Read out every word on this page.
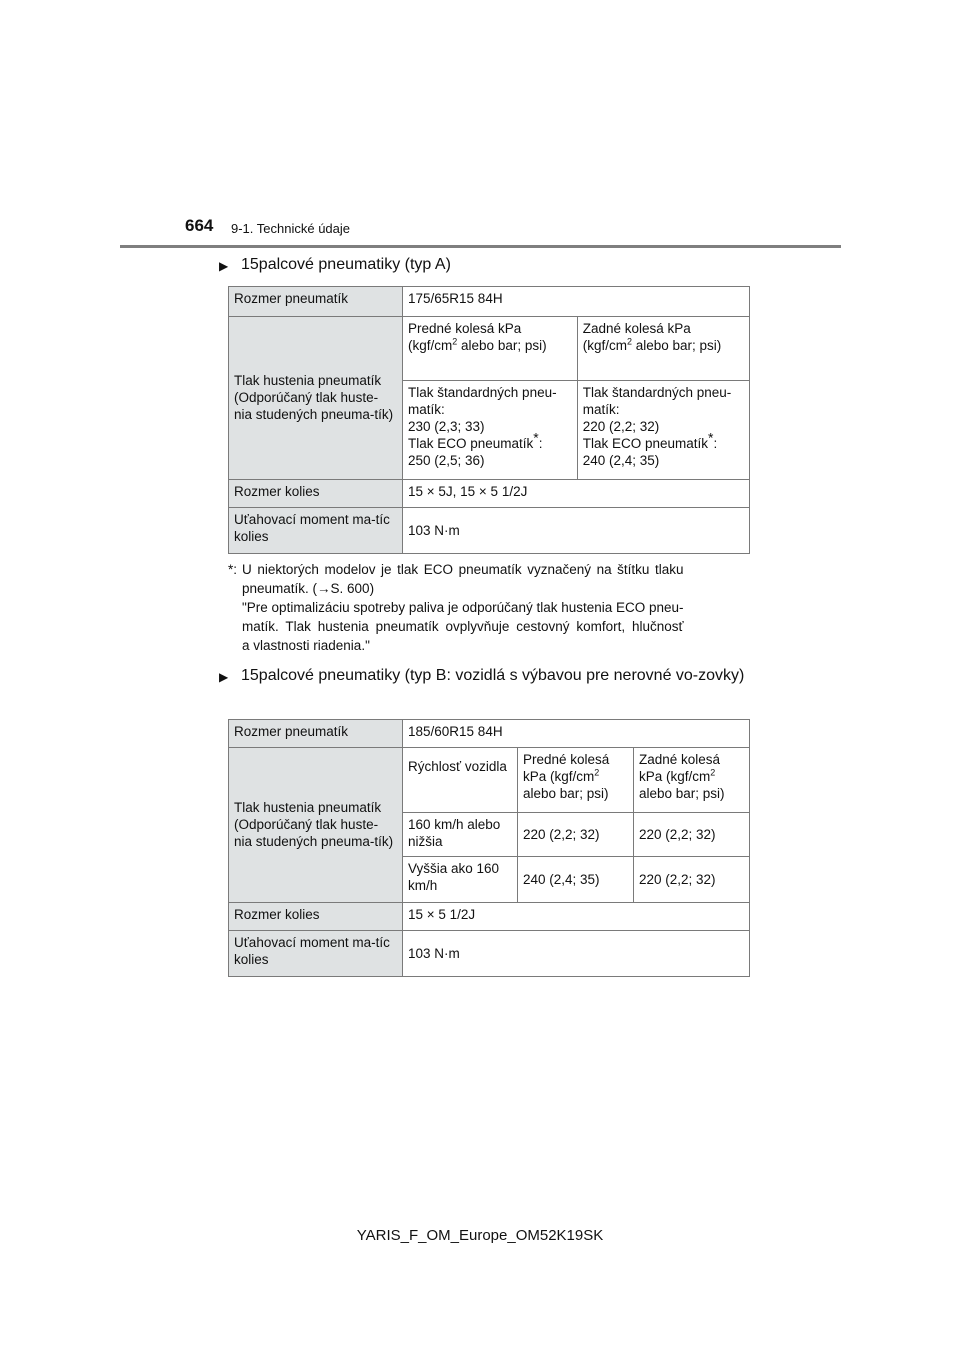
664 9-1. Technické údaje
▶ 15palcové pneumatiky (typ A)
Rozmer pneumatík	175/65R15 84H	
Tlak hustenia pneumatík (Odporúčaný tlak huste-nia studených pneuma-tík)	Predné kolesá kPa ($kgf/cm^2$ alebo bar; psi)	Zadné kolesá kPa ($kgf/cm^2$ alebo bar; psi)
	Tlak štandardných pneu-matík:
230 (2,3; 33)
Tlak ECO pneumatík*:
250 (2,5; 36)	Tlak štandardných pneu-matík:
220 (2,2; 32)
Tlak ECO pneumatík*:
240 (2,4; 35)
Rozmer kolies	15 × 5J, 15 × 5 1/2J	
Uťahovací moment ma-tíc kolies	103 N·m	
*: U niektorých modelov je tlak ECO pneumatík vyznačený na štítku tlaku
pneumatík. (→S. 600)
"Pre optimalizáciu spotreby paliva je odporúčaný tlak hustenia ECO pneu-
matík. Tlak hustenia pneumatík ovplyvňuje cestovný komfort, hlučnosť
a vlastnosti riadenia."
▶ 15palcové pneumatiky (typ B: vozidlá s výbavou pre nerovné vo-zovky)
Rozmer pneumatík	185/60R15 84H		
Tlak hustenia pneumatík (Odporúčaný tlak huste-nia studených pneuma-tík)	Rýchlosť vozidla	Predné kolesá kPa ($kgf/cm^2$
alebo bar; psi)	Zadné kolesá kPa ($kgf/cm^2$
alebo bar; psi)
	160 km/h alebo nižšia	220 (2,2; 32)	220 (2,2; 32)
	Vyššia ako 160 km/h	240 (2,4; 35)	220 (2,2; 32)
Rozmer kolies	15 × 5 1/2J		
Uťahovací moment ma-tíc kolies	103 N·m		
YARIS_F_OM_Europe_OM52K19SK
